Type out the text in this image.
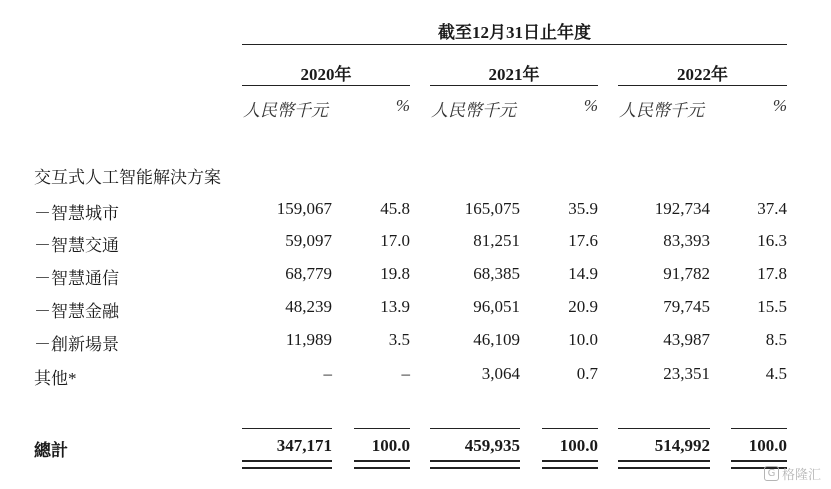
截至12月31日止年度
2020年	2021年	2022年
人民幣千元	% 人民幣千元	% 人民幣千元	%
交互式人工智能解決方案
－智慧城市	159,067	45.8	165,075	35.9	192,734	37.4
－智慧交通	59,097	17.0	81,251	17.6	83,393	16.3
－智慧通信	68,779	19.8	68,385	14.9	91,782	17.8
－智慧金融	48,239	13.9	96,051	20.9	79,745	15.5
－創新場景	11,989	3.5	46,109	10.0	43,987	8.5
其他*	–	–	3,064	0.7	23,351	4.5
總計	347,171	100.0	459,935	100.0	514,992	100.0
G 格隆汇
